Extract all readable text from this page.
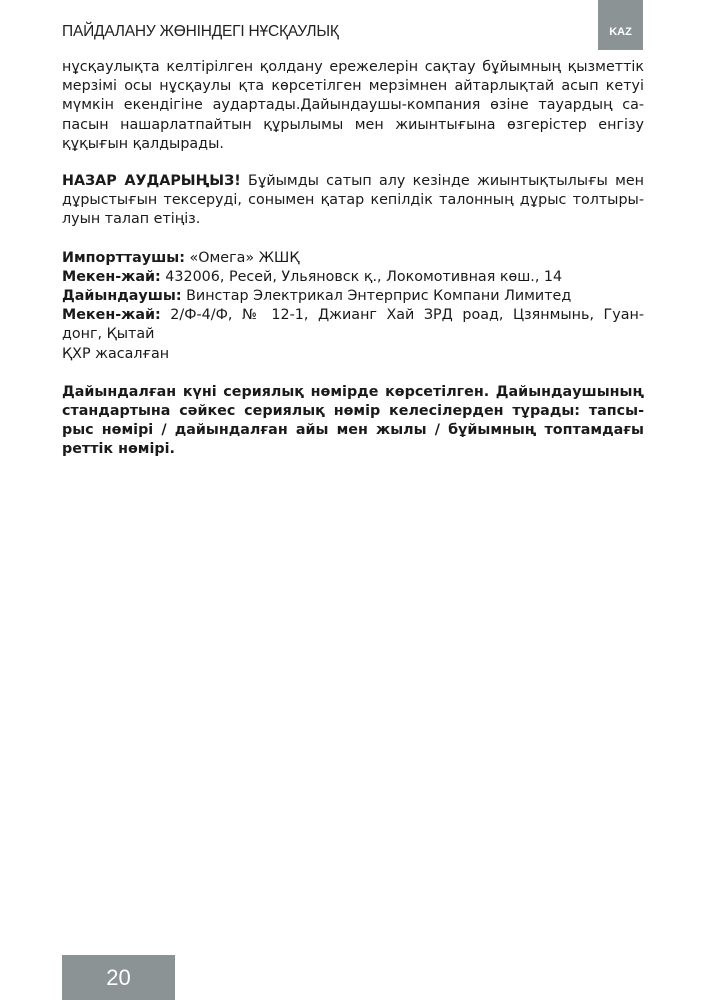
ПАЙДАЛАНУ ЖӨНІНДЕГІ НҰСҚАУЛЫҚ	KAZ

нұсқаулықта келтірілген қолдану ережелерін сақтау бұйымның қызметтік
мерзімі осы нұсқаулы қта көрсетілген мерзімнен айтарлықтай асып кетуі
мүмкін екендігіне аудартады.Дайындаушы-компания өзіне тауардың са-
пасын нашарлатпайтын құрылымы мен жиынтығына өзгерістер енгізу
құқығын қалдырады.

НАЗАР АУДАРЫҢЫЗ! Бұйымды сатып алу кезінде жиынтықтылығы мен
дұрыстығын тексеруді, сонымен қатар кепілдік талонның дұрыс толтыры-
луын талап етіңіз.

Импорттаушы: «Омега» ЖШҚ
Мекен-жай: 432006, Ресей, Ульяновск қ., Локомотивная көш., 14
Дайындаушы: Винстар Электрикал Энтерприс Компани Лимитед
Мекен-жай: 2/Ф-4/Ф, № 12-1, Джианг Хай ЗРД роад, Цзянмынь, Гуан-
донг, Қытай
ҚХР жасалған

Дайындалған күні сериялық нөмірде көрсетілген. Дайындаушының
стандартына сәйкес сериялық нөмір келесілерден тұрады: тапсы-
рыс нөмірі / дайындалған айы мен жылы / бұйымның топтамдағы
реттік нөмірі.

20
